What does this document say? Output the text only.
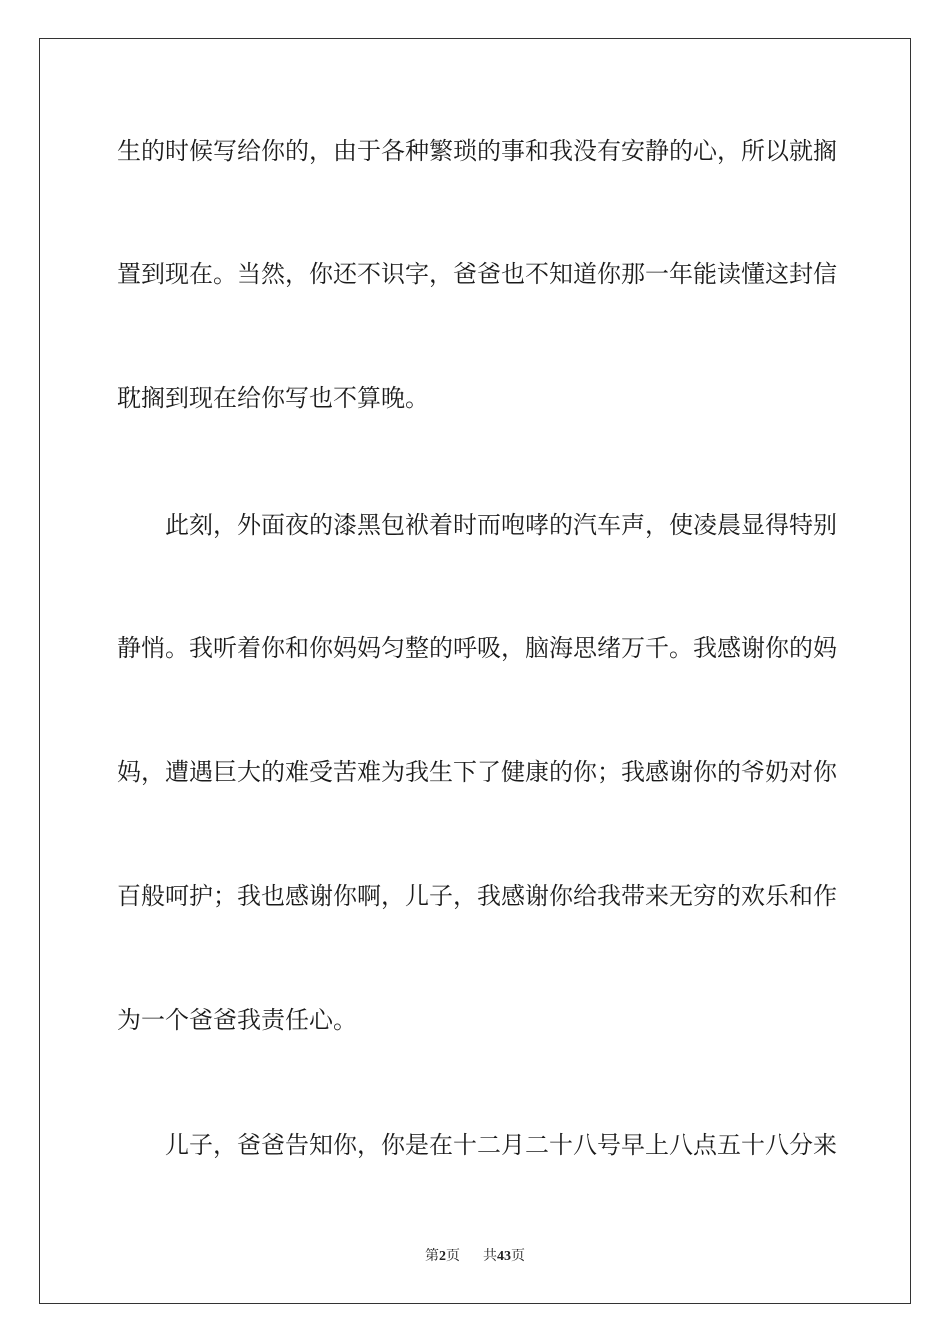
生的时候写给你的，由于各种繁琐的事和我没有安静的心，所以就搁
置到现在。当然，你还不识字，爸爸也不知道你那一年能读懂这封信
耽搁到现在给你写也不算晚。
此刻，外面夜的漆黑包袱着时而咆哮的汽车声，使凌晨显得特别
静悄。我听着你和你妈妈匀整的呼吸，脑海思绪万千。我感谢你的妈
妈，遭遇巨大的难受苦难为我生下了健康的你；我感谢你的爷奶对你
百般呵护；我也感谢你啊，儿子，我感谢你给我带来无穷的欢乐和作
为一个爸爸我责任心。
儿子，爸爸告知你，你是在十二月二十八号早上八点五十八分来
第2页 共43页
